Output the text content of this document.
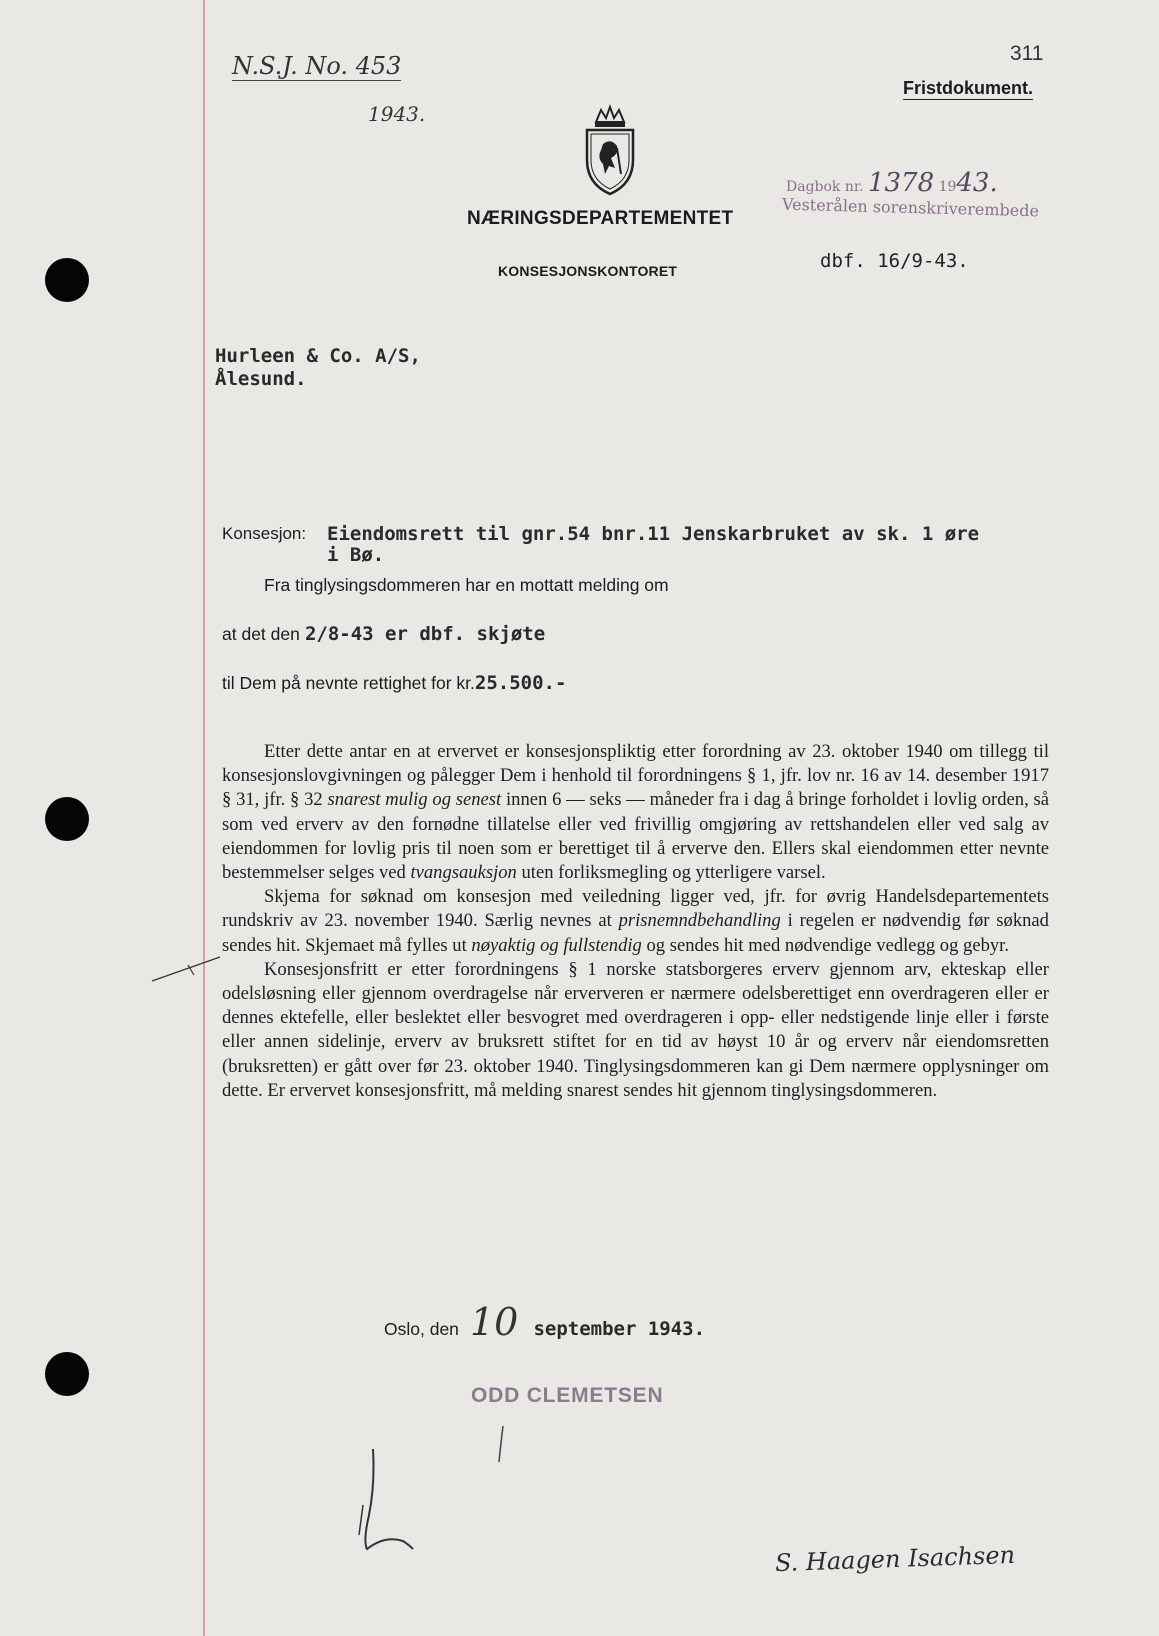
N.S.J. No. 453
1943.
311
Fristdokument.
NÆRINGSDEPARTEMENTET
KONSESJONSKONTORET
Dagbok nr. 1378 1943.
Vesterålen sorenskriverembede
dbf. 16/9-43.
Hurleen & Co. A/S,
Ålesund.
Konsesjon: Eiendomsrett til gnr.54 bnr.11 Jenskarbruket av sk. 1 øre
i Bø.
Fra tinglysingsdommeren har en mottatt melding om
at det den 2/8-43 er dbf. skjøte
til Dem på nevnte rettighet for kr.25.500.-

Etter dette antar en at ervervet er konsesjonspliktig etter forordning av 23. oktober 1940 om tillegg til konsesjonslovgivningen og pålegger Dem i henhold til forordningens § 1, jfr. lov nr. 16 av 14. desember 1917 § 31, jfr. § 32 snarest mulig og senest innen 6 — seks — måneder fra i dag å bringe forholdet i lovlig orden, så som ved erverv av den fornødne tillatelse eller ved frivillig omgjøring av rettshandelen eller ved salg av eiendommen for lovlig pris til noen som er berettiget til å erverve den. Ellers skal eiendommen etter nevnte bestemmelser selges ved tvangsauksjon uten forliksmegling og ytterligere varsel.

Skjema for søknad om konsesjon med veiledning ligger ved, jfr. for øvrig Handelsdepartementets rundskriv av 23. november 1940. Særlig nevnes at prisnemndbehandling i regelen er nødvendig før søknad sendes hit. Skjemaet må fylles ut nøyaktig og fullstendig og sendes hit med nødvendige vedlegg og gebyr.

Konsesjonsfritt er etter forordningens § 1 norske statsborgeres erverv gjennom arv, ekteskap eller odelsløsning eller gjennom overdragelse når erververen er nærmere odelsberettiget enn overdrageren eller er dennes ektefelle, eller beslektet eller besvogret med overdrageren i opp- eller nedstigende linje eller i første eller annen sidelinje, erverv av bruksrett stiftet for en tid av høyst 10 år og erverv når eiendomsretten (bruksretten) er gått over før 23. oktober 1940. Tinglysingsdommeren kan gi Dem nærmere opplysninger om dette. Er ervervet konsesjonsfritt, må melding snarest sendes hit gjennom tinglysingsdommeren.

Oslo, den 10 september 1943.
ODD CLEMETSEN
S. Haagen Isachsen
